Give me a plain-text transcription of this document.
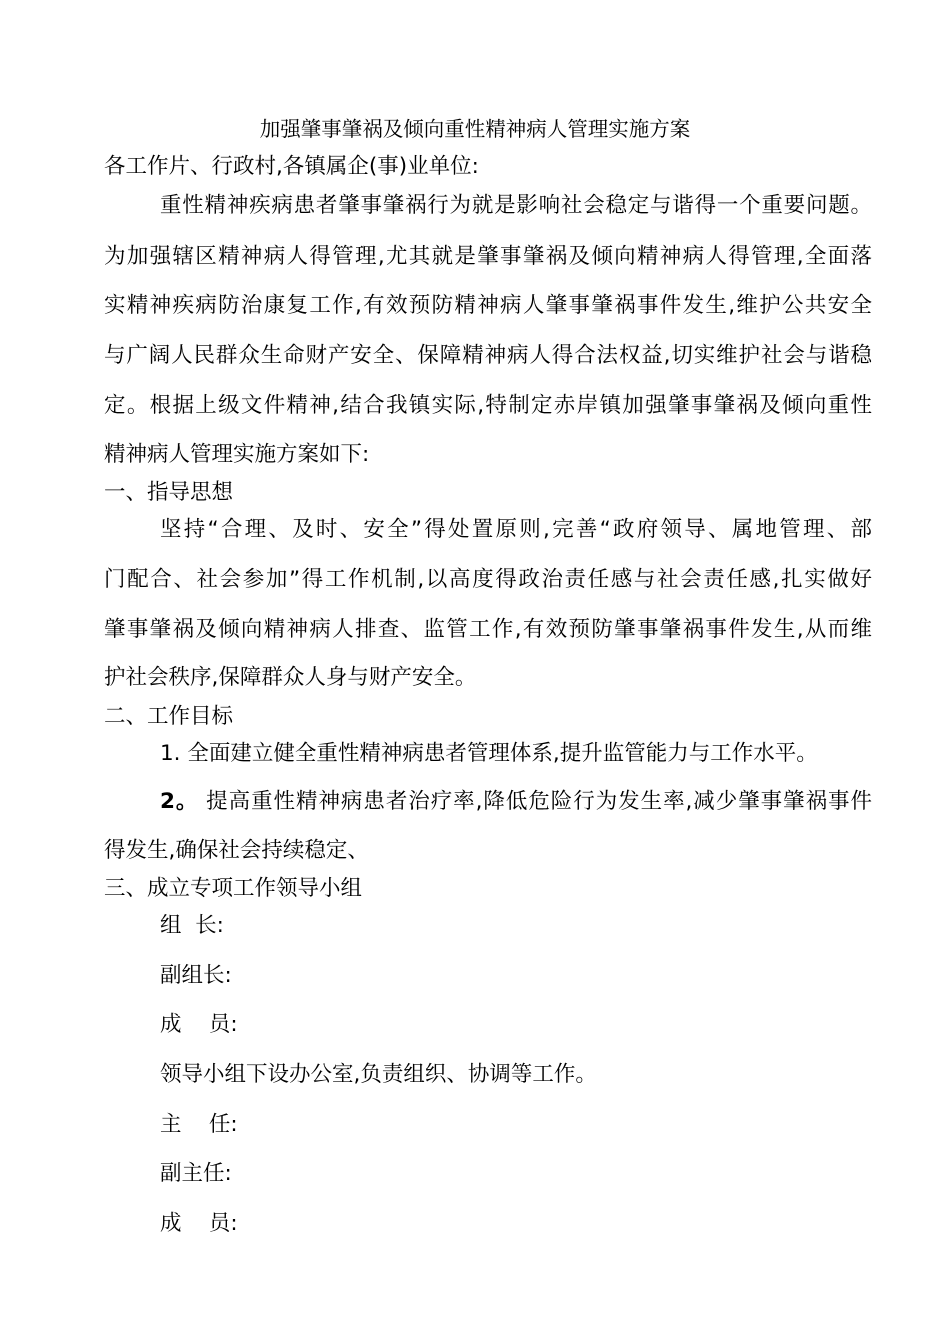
加强肇事肇祸及倾向重性精神病人管理实施方案
各工作片、行政村,各镇属企(事)业单位:
重性精神疾病患者肇事肇祸行为就是影响社会稳定与谐得一个重要问题。
为加强辖区精神病人得管理,尤其就是肇事肇祸及倾向精神病人得管理,全面落
实精神疾病防治康复工作,有效预防精神病人肇事肇祸事件发生,维护公共安全
与广阔人民群众生命财产安全、保障精神病人得合法权益,切实维护社会与谐稳
定。根据上级文件精神,结合我镇实际,特制定赤岸镇加强肇事肇祸及倾向重性
精神病人管理实施方案如下:
一、指导思想
坚持“合理、及时、安全”得处置原则,完善“政府领导、属地管理、部
门配合、社会参加”得工作机制,以高度得政治责任感与社会责任感,扎实做好
肇事肇祸及倾向精神病人排查、监管工作,有效预防肇事肇祸事件发生,从而维
护社会秩序,保障群众人身与财产安全。
二、工作目标
1. 全面建立健全重性精神病患者管理体系,提升监管能力与工作水平。
2。 提高重性精神病患者治疗率,降低危险行为发生率,减少肇事肇祸事件
得发生,确保社会持续稳定、
三、成立专项工作领导小组
组  长:
副组长:
成    员:
领导小组下设办公室,负责组织、协调等工作。
主    任:
副主任:
成    员:
